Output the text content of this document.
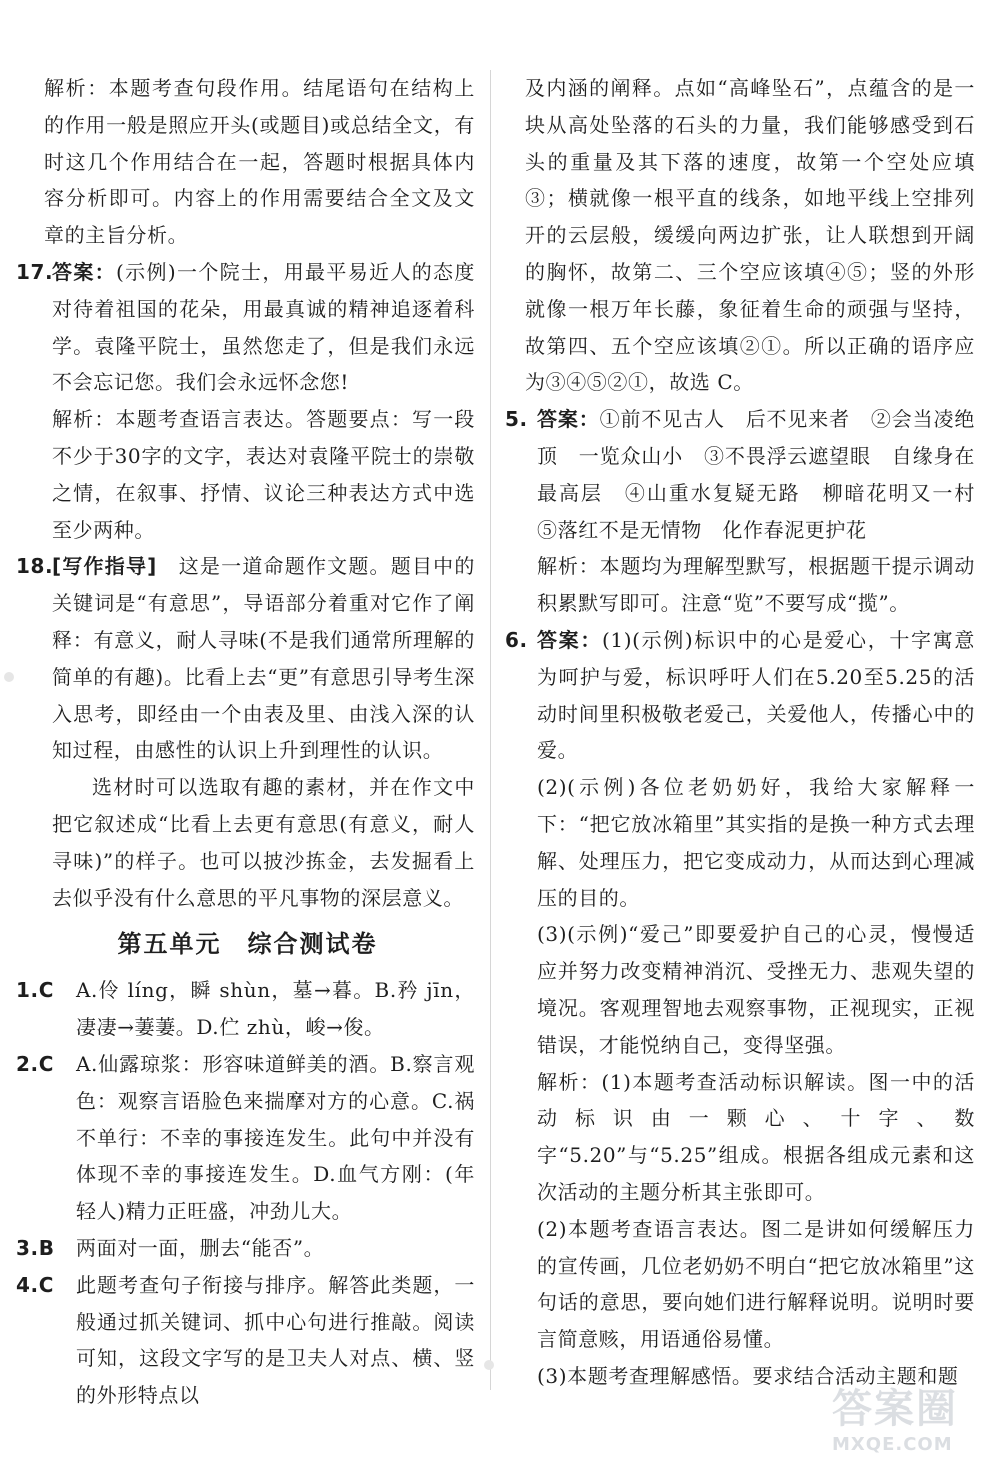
解析：本题考查句段作用。结尾语句在结构上的作用一般是照应开头(或题目)或总结全文，有时这几个作用结合在一起，答题时根据具体内容分析即可。内容上的作用需要结合全文及文章的主旨分析。
17.
答案：(示例)一个院士，用最平易近人的态度对待着祖国的花朵，用最真诚的精神追逐着科学。袁隆平院士，虽然您走了，但是我们永远不会忘记您。我们会永远怀念您!
解析：本题考查语言表达。答题要点：写一段不少于30字的文字，表达对袁隆平院士的崇敬之情，在叙事、抒情、议论三种表达方式中选至少两种。
18.
[写作指导]　 这是一道命题作文题。题目中的关键词是“有意思”，导语部分着重对它作了阐释：有意义，耐人寻味(不是我们通常所理解的简单的有趣)。比看上去“更”有意思引导考生深入思考，即经由一个由表及里、由浅入深的认知过程，由感性的认识上升到理性的认识。
选材时可以选取有趣的素材，并在作文中把它叙述成“比看上去更有意思(有意义，耐人寻味)”的样子。也可以披沙拣金，去发掘看上去似乎没有什么意思的平凡事物的深层意义。
第五单元　综合测试卷
1.C A.伶 líng，瞬 shùn，墓→暮。B.矜 jīn，凄凄→萋萋。D.伫 zhù，峻→俊。
2.C A.仙露琼浆：形容味道鲜美的酒。B.察言观色：观察言语脸色来揣摩对方的心意。C.祸不单行：不幸的事接连发生。此句中并没有体现不幸的事接连发生。D.血气方刚：(年轻人)精力正旺盛，冲劲儿大。
3.B 两面对一面，删去“能否”。
4.C 此题考查句子衔接与排序。解答此类题，一般通过抓关键词、抓中心句进行推敲。阅读可知，这段文字写的是卫夫人对点、横、竖的外形特点以
及内涵的阐释。点如“高峰坠石”，点蕴含的是一块从高处坠落的石头的力量，我们能够感受到石头的重量及其下落的速度，故第一个空处应填③；横就像一根平直的线条，如地平线上空排列开的云层般，缓缓向两边扩张，让人联想到开阔的胸怀，故第二、三个空应该填④⑤；竖的外形就像一根万年长藤，象征着生命的顽强与坚持，故第四、五个空应该填②①。所以正确的语序应为③④⑤②①，故选 C。
5. 答案：①前不见古人　后不见来者　②会当凌绝顶　一览众山小　③不畏浮云遮望眼　自缘身在最高层　④山重水复疑无路　柳暗花明又一村　⑤落红不是无情物　化作春泥更护花
解析：本题均为理解型默写，根据题干提示调动积累默写即可。注意“览”不要写成“揽”。
6. 答案：(1)(示例)标识中的心是爱心，十字寓意为呵护与爱，标识呼吁人们在5.20至5.25的活动时间里积极敬老爱己，关爱他人，传播心中的爱。
(2)(示例)各位老奶奶好，我给大家解释一下：“把它放冰箱里”其实指的是换一种方式去理解、处理压力，把它变成动力，从而达到心理减压的目的。
(3)(示例)“爱己”即要爱护自己的心灵，慢慢适应并努力改变精神消沉、受挫无力、悲观失望的境况。客观理智地去观察事物，正视现实，正视错误，才能悦纳自己，变得坚强。
解析：(1)本题考查活动标识解读。图一中的活动标识由一颗心、十字、数字“5.20”与“5.25”组成。根据各组成元素和这次活动的主题分析其主张即可。
(2)本题考查语言表达。图二是讲如何缓解压力的宣传画，几位老奶奶不明白“把它放冰箱里”这句话的意思，要向她们进行解释说明。说明时要言简意赅，用语通俗易懂。
(3)本题考查理解感悟。要求结合活动主题和题
答案圈
MXQE.COM
